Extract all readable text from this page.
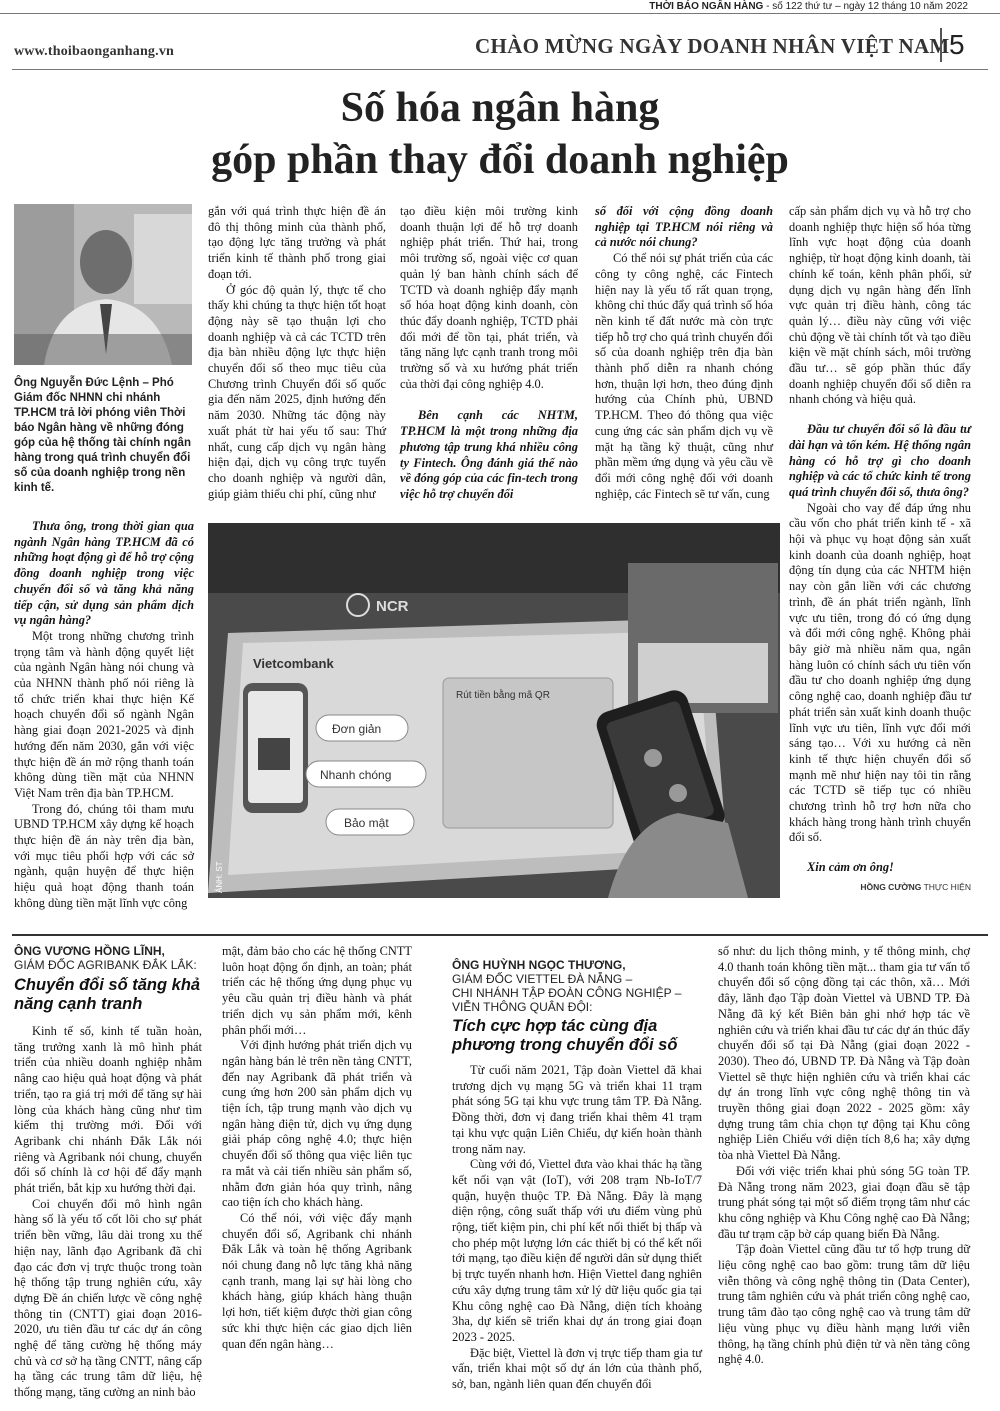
THỜI BÁO NGÂN HÀNG - số 122 thứ tư – ngày 12 tháng 10 năm 2022
www.thoibaonganhang.vn	CHÀO MỪNG NGÀY DOANH NHÂN VIỆT NAM 5
Số hóa ngân hàng
góp phần thay đổi doanh nghiệp
Ông Nguyễn Đức Lệnh – Phó Giám đốc NHNN chi nhánh TP.HCM trả lời phóng viên Thời báo Ngân hàng về những đóng góp của hệ thống tài chính ngân hàng trong quá trình chuyển đổi số của doanh nghiệp trong nền kinh tế.

Thưa ông, trong thời gian qua ngành Ngân hàng TP.HCM đã có những hoạt động gì để hỗ trợ cộng đồng doanh nghiệp trong việc chuyển đổi số và tăng khả năng tiếp cận, sử dụng sản phẩm dịch vụ ngân hàng?

Một trong những chương trình trọng tâm và hành động quyết liệt của ngành Ngân hàng nói chung và của NHNN thành phố nói riêng là tổ chức triển khai thực hiện Kế hoạch chuyển đổi số ngành Ngân hàng giai đoạn 2021-2025 và định hướng đến năm 2030, gắn với việc thực hiện đề án mở rộng thanh toán không dùng tiền mặt của NHNN Việt Nam trên địa bàn TP.HCM.

Trong đó, chúng tôi tham mưu UBND TP.HCM xây dựng kế hoạch thực hiện đề án này trên địa bàn, với mục tiêu phối hợp với các sở ngành, quận huyện để thực hiện hiệu quả hoạt động thanh toán không dùng tiền mặt lĩnh vực công

gắn với quá trình thực hiện đề án đô thị thông minh của thành phố, tạo động lực tăng trưởng và phát triển kinh tế thành phố trong giai đoạn tới.

Ở góc độ quản lý, thực tế cho thấy khi chúng ta thực hiện tốt hoạt động này sẽ tạo thuận lợi cho doanh nghiệp và cả các TCTD trên địa bàn nhiều động lực thực hiện chuyển đổi số theo mục tiêu của Chương trình Chuyển đổi số quốc gia đến năm 2025, định hướng đến năm 2030. Những tác động này xuất phát từ hai yếu tố sau: Thứ nhất, cung cấp dịch vụ ngân hàng hiện đại, dịch vụ công trực tuyến cho doanh nghiệp và người dân, giúp giảm thiểu chi phí, cũng như

tạo điều kiện môi trường kinh doanh thuận lợi để hỗ trợ doanh nghiệp phát triển. Thứ hai, trong môi trường số, ngoài việc cơ quan quản lý ban hành chính sách để TCTD và doanh nghiệp đẩy mạnh số hóa hoạt động kinh doanh, còn thúc đẩy doanh nghiệp, TCTD phải đổi mới để tồn tại, phát triển, và tăng năng lực cạnh tranh trong môi trường số và xu hướng phát triển của thời đại công nghiệp 4.0.

Bên cạnh các NHTM, TP.HCM là một trong những địa phương tập trung khá nhiều công ty Fintech. Ông đánh giá thế nào về đóng góp của các fin-tech trong việc hỗ trợ chuyển đổi

số đối với cộng đồng doanh nghiệp tại TP.HCM nói riêng và cả nước nói chung?

Có thể nói sự phát triển của các công ty công nghệ, các Fintech hiện nay là yếu tố rất quan trọng, không chỉ thúc đẩy quá trình số hóa nền kinh tế đất nước mà còn trực tiếp hỗ trợ cho quá trình chuyển đổi số của doanh nghiệp trên địa bàn thành phố diễn ra nhanh chóng hơn, thuận lợi hơn, theo đúng định hướng của Chính phủ, UBND TP.HCM. Theo đó thông qua việc cung ứng các sản phẩm dịch vụ về mặt hạ tầng kỹ thuật, cũng như phần mềm ứng dụng và yêu cầu về đổi mới công nghệ đối với doanh nghiệp, các Fintech sẽ tư vấn, cung

cấp sản phẩm dịch vụ và hỗ trợ cho doanh nghiệp thực hiện số hóa từng lĩnh vực hoạt động của doanh nghiệp, từ hoạt động kinh doanh, tài chính kế toán, kênh phân phối, sử dụng dịch vụ ngân hàng đến lĩnh vực quản trị điều hành, công tác quản lý… điều này cũng với việc chủ động về tài chính tốt và tạo điều kiện về mặt chính sách, môi trường đầu tư… sẽ góp phần thúc đẩy doanh nghiệp chuyển đổi số diễn ra nhanh chóng và hiệu quả.

Đầu tư chuyển đổi số là đầu tư dài hạn và tốn kém. Hệ thống ngân hàng có hỗ trợ gì cho doanh nghiệp và các tổ chức kinh tế trong quá trình chuyển đổi số, thưa ông?

Ngoài cho vay để đáp ứng nhu cầu vốn cho phát triển kinh tế - xã hội và phục vụ hoạt động sản xuất kinh doanh của doanh nghiệp, hoạt động tín dụng của các NHTM hiện nay còn gắn liền với các chương trình, đề án phát triển ngành, lĩnh vực ưu tiên, trong đó có ứng dụng và đổi mới công nghệ. Không phải bây giờ mà nhiều năm qua, ngân hàng luôn có chính sách ưu tiên vốn đầu tư cho doanh nghiệp ứng dụng công nghệ cao, doanh nghiệp đầu tư phát triển sản xuất kinh doanh thuộc lĩnh vực ưu tiên, lĩnh vực đổi mới sáng tạo… Với xu hướng cả nền kinh tế thực hiện chuyển đổi số mạnh mẽ như hiện nay tôi tin rằng các TCTD sẽ tiếp tục có nhiều chương trình hỗ trợ hơn nữa cho khách hàng trong hành trình chuyển đổi số.

Xin cảm ơn ông!

HỒNG CƯỜNG THỰC HIỆN

NCR
Vietcombank
Đơn giản
Nhanh chóng
Bảo mật
Rút tiền bằng mã QR
ẢNH: ST
ÔNG VƯƠNG HỒNG LĨNH,
GIÁM ĐỐC AGRIBANK ĐẮK LẮK:
Chuyển đổi số tăng khả năng cạnh tranh

Kinh tế số, kinh tế tuần hoàn, tăng trưởng xanh là mô hình phát triển của nhiều doanh nghiệp nhằm nâng cao hiệu quả hoạt động và phát triển, tạo ra giá trị mới để tăng sự hài lòng của khách hàng cũng như tìm kiếm thị trường mới. Đối với Agribank chi nhánh Đắk Lắk nói riêng và Agribank nói chung, chuyển đổi số chính là cơ hội để đẩy mạnh phát triển, bắt kịp xu hướng thời đại.

Coi chuyển đổi mô hình ngân hàng số là yếu tố cốt lõi cho sự phát triển bền vững, lâu dài trong xu thế hiện nay, lãnh đạo Agribank đã chỉ đạo các đơn vị trực thuộc trong toàn hệ thống tập trung nghiên cứu, xây dựng Đề án chiến lược về công nghệ thông tin (CNTT) giai đoạn 2016-2020, ưu tiên đầu tư các dự án công nghệ để tăng cường hệ thống máy chủ và cơ sở hạ tầng CNTT, nâng cấp hạ tầng các trung tâm dữ liệu, hệ thống mạng, tăng cường an ninh bảo

mật, đảm bảo cho các hệ thống CNTT luôn hoạt động ổn định, an toàn; phát triển các hệ thống ứng dụng phục vụ yêu cầu quản trị điều hành và phát triển dịch vụ sản phẩm mới, kênh phân phối mới…

Với định hướng phát triển dịch vụ ngân hàng bán lẻ trên nền tảng CNTT, đến nay Agribank đã phát triển và cung ứng hơn 200 sản phẩm dịch vụ tiện ích, tập trung mạnh vào dịch vụ ngân hàng điện tử, dịch vụ ứng dụng giải pháp công nghệ 4.0; thực hiện chuyển đổi số thông qua việc liên tục ra mắt và cải tiến nhiều sản phẩm số, nhằm đơn giản hóa quy trình, nâng cao tiện ích cho khách hàng.

Có thể nói, với việc đẩy mạnh chuyển đổi số, Agribank chi nhánh Đắk Lắk và toàn hệ thống Agribank nói chung đang nỗ lực tăng khả năng cạnh tranh, mang lại sự hài lòng cho khách hàng, giúp khách hàng thuận lợi hơn, tiết kiệm được thời gian công sức khi thực hiện các giao dịch liên quan đến ngân hàng…

ÔNG HUỲNH NGỌC THƯƠNG,
GIÁM ĐỐC VIETTEL ĐÀ NẴNG –
CHI NHÁNH TẬP ĐOÀN CÔNG NGHIỆP –
VIỄN THÔNG QUÂN ĐỘI:
Tích cực hợp tác cùng địa phương trong chuyển đổi số

Từ cuối năm 2021, Tập đoàn Viettel đã khai trương dịch vụ mạng 5G và triển khai 11 trạm phát sóng 5G tại khu vực trung tâm TP. Đà Nẵng. Đồng thời, đơn vị đang triển khai thêm 41 trạm tại khu vực quận Liên Chiểu, dự kiến hoàn thành trong năm nay.

Cùng với đó, Viettel đưa vào khai thác hạ tầng kết nối vạn vật (IoT), với 208 trạm Nb-IoT/7 quận, huyện thuộc TP. Đà Nẵng. Đây là mạng diện rộng, công suất thấp với ưu điểm vùng phủ rộng, tiết kiệm pin, chi phí kết nối thiết bị thấp và cho phép một lượng lớn các thiết bị có thể kết nối tới mạng, tạo điều kiện để người dân sử dụng thiết bị trực tuyến nhanh hơn. Hiện Viettel đang nghiên cứu xây dựng trung tâm xử lý dữ liệu quốc gia tại Khu công nghệ cao Đà Nẵng, diện tích khoảng 3ha, dự kiến sẽ triển khai dự án trong giai đoạn 2023 - 2025.

Đặc biệt, Viettel là đơn vị trực tiếp tham gia tư vấn, triển khai một số dự án lớn của thành phố, sở, ban, ngành liên quan đến chuyển đổi

số như: du lịch thông minh, y tế thông minh, chợ 4.0 thanh toán không tiền mặt... tham gia tư vấn tổ chuyển đổi số cộng đồng tại các thôn, xã… Mới đây, lãnh đạo Tập đoàn Viettel và UBND TP. Đà Nẵng đã ký kết Biên bản ghi nhớ hợp tác về nghiên cứu và triển khai đầu tư các dự án thúc đẩy chuyển đổi số tại Đà Nẵng (giai đoạn 2022 - 2030). Theo đó, UBND TP. Đà Nẵng và Tập đoàn Viettel sẽ thực hiện nghiên cứu và triển khai các dự án trong lĩnh vực công nghệ thông tin và truyền thông giai đoạn 2022 - 2025 gồm: xây dựng trung tâm chia chọn tự động tại Khu công nghiệp Liên Chiểu với diện tích 8,6 ha; xây dựng tòa nhà Viettel Đà Nẵng.

Đối với việc triển khai phủ sóng 5G toàn TP. Đà Nẵng trong năm 2023, giai đoạn đầu sẽ tập trung phát sóng tại một số điểm trọng tâm như các khu công nghiệp và Khu Công nghệ cao Đà Nẵng; đầu tư trạm cặp bờ cáp quang biển Đà Nẵng.

Tập đoàn Viettel cũng đầu tư tổ hợp trung dữ liệu công nghệ cao bao gồm: trung tâm dữ liệu viễn thông và công nghệ thông tin (Data Center), trung tâm nghiên cứu và phát triển công nghệ cao, trung tâm đào tạo công nghệ cao và trung tâm dữ liệu vùng phục vụ điều hành mạng lưới viễn thông, hạ tầng chính phủ điện tử và nền tảng công nghệ 4.0.
